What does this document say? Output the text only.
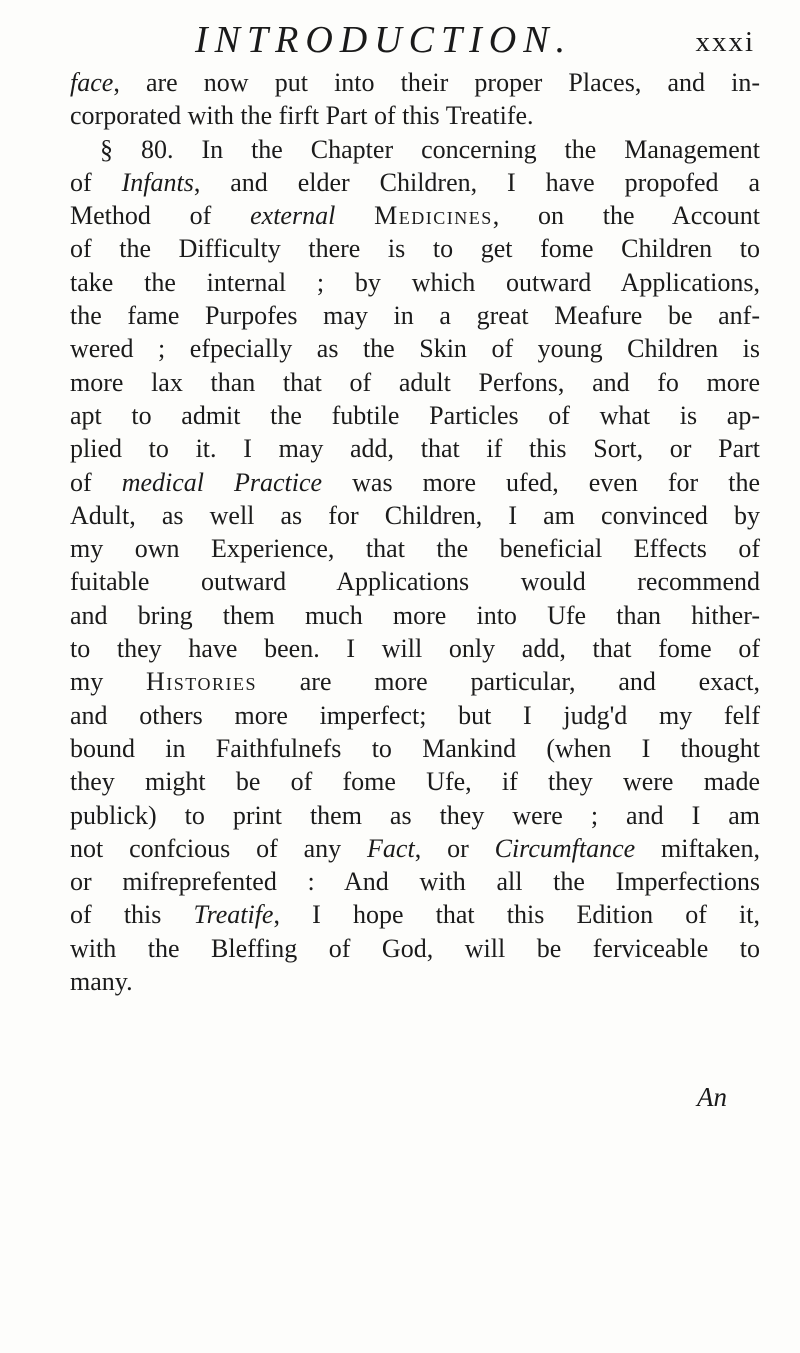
INTRODUCTION.	xxxi
face, are now put into their proper Places, and in-
corporated with the firft Part of this Treatife.
§ 80. In the Chapter concerning the Management
of Infants, and elder Children, I have propofed a
Method of external Medicines, on the Account
of the Difficulty there is to get fome Children to
take the internal ; by which outward Applications,
the fame Purpofes may in a great Meafure be anf-
wered ; efpecially as the Skin of young Children is
more lax than that of adult Perfons, and fo more
apt to admit the fubtile Particles of what is ap-
plied to it. I may add, that if this Sort, or Part
of medical Practice was more ufed, even for the
Adult, as well as for Children, I am convinced by
my own Experience, that the beneficial Effects of
fuitable outward Applications would recommend
and bring them much more into Ufe than hither-
to they have been. I will only add, that fome of
my Histories are more particular, and exact,
and others more imperfect; but I judg'd my felf
bound in Faithfulnefs to Mankind (when I thought
they might be of fome Ufe, if they were made
publick) to print them as they were ; and I am
not confcious of any Fact, or Circumftance miftaken,
or mifreprefented : And with all the Imperfections
of this Treatife, I hope that this Edition of it,
with the Bleffing of God, will be ferviceable to
many.
An
